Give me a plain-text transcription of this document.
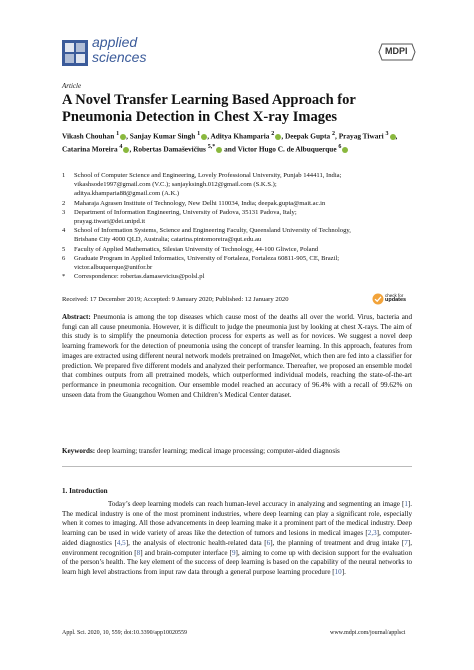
applied
sciences	MDPI
Article
A Novel Transfer Learning Based Approach for Pneumonia Detection in Chest X-ray Images
Vikash Chouhan $^1$ , Sanjay Kumar Singh $^1$ , Aditya Khamparia $^2$ , Deepak Gupta $^2$, Prayag Tiwari $^3$ , Catarina Moreira $^4$ , Robertas Damaševičius $^{5,*}$ and Victor Hugo C. de Albuquerque $^6$
1	School of Computer Science and Engineering, Lovely Professional University, Punjab 144411, India;
vikashsode1997@gmail.com (V.C.); sanjayksingh.012@gmail.com (S.K.S.);
aditya.khamparia88@gmail.com (A.K.)
2	Maharaja Agrasen Institute of Technology, New Delhi 110034, India; deepak.gupta@mait.ac.in
3	Department of Information Engineering, University of Padova, 35131 Padova, Italy;
prayag.tiwari@dei.unipd.it
4	School of Information Systems, Science and Engineering Faculty, Queensland University of Technology,
Brisbane City 4000 QLD, Australia; catarina.pintomoreira@qut.edu.au
5	Faculty of Applied Mathematics, Silesian University of Technology, 44-100 Gliwice, Poland
6	Graduate Program in Applied Informatics, University of Fortaleza, Fortaleza 60811-905, CE, Brazil;
victor.albuquerque@unifor.br
*	Correspondence: robertas.damasevicius@polsl.pl
Received: 17 December 2019; Accepted: 9 January 2020; Published: 12 January 2020
check for
updates
Abstract: Pneumonia is among the top diseases which cause most of the deaths all over the world. Virus, bacteria and fungi can all cause pneumonia. However, it is difficult to judge the pneumonia just by looking at chest X-rays. The aim of this study is to simplify the pneumonia detection process for experts as well as for novices. We suggest a novel deep learning framework for the detection of pneumonia using the concept of transfer learning. In this approach, features from images are extracted using different neural network models pretrained on ImageNet, which then are fed into a classifier for prediction. We prepared five different models and analyzed their performance. Thereafter, we proposed an ensemble model that combines outputs from all pretrained models, which outperformed individual models, reaching the state-of-the-art performance in pneumonia recognition. Our ensemble model reached an accuracy of 96.4% with a recall of 99.62% on unseen data from the Guangzhou Women and Children’s Medical Center dataset.
Keywords: deep learning; transfer learning; medical image processing; computer-aided diagnosis
1. Introduction
Today’s deep learning models can reach human-level accuracy in analyzing and segmenting an image [1]. The medical industry is one of the most prominent industries, where deep learning can play a significant role, especially when it comes to imaging. All those advancements in deep learning make it a prominent part of the medical industry. Deep learning can be used in wide variety of areas like the detection of tumors and lesions in medical images [2,3], computer-aided diagnostics [4,5], the analysis of electronic health-related data [6], the planning of treatment and drug intake [7], environment recognition [8] and brain-computer interface [9], aiming to come up with decision support for the evaluation of the person’s health. The key element of the success of deep learning is based on the capability of the neural networks to learn high level abstractions from input raw data through a general purpose learning procedure [10].
Appl. Sci. 2020, 10, 559; doi:10.3390/app10020559	www.mdpi.com/journal/applsci
